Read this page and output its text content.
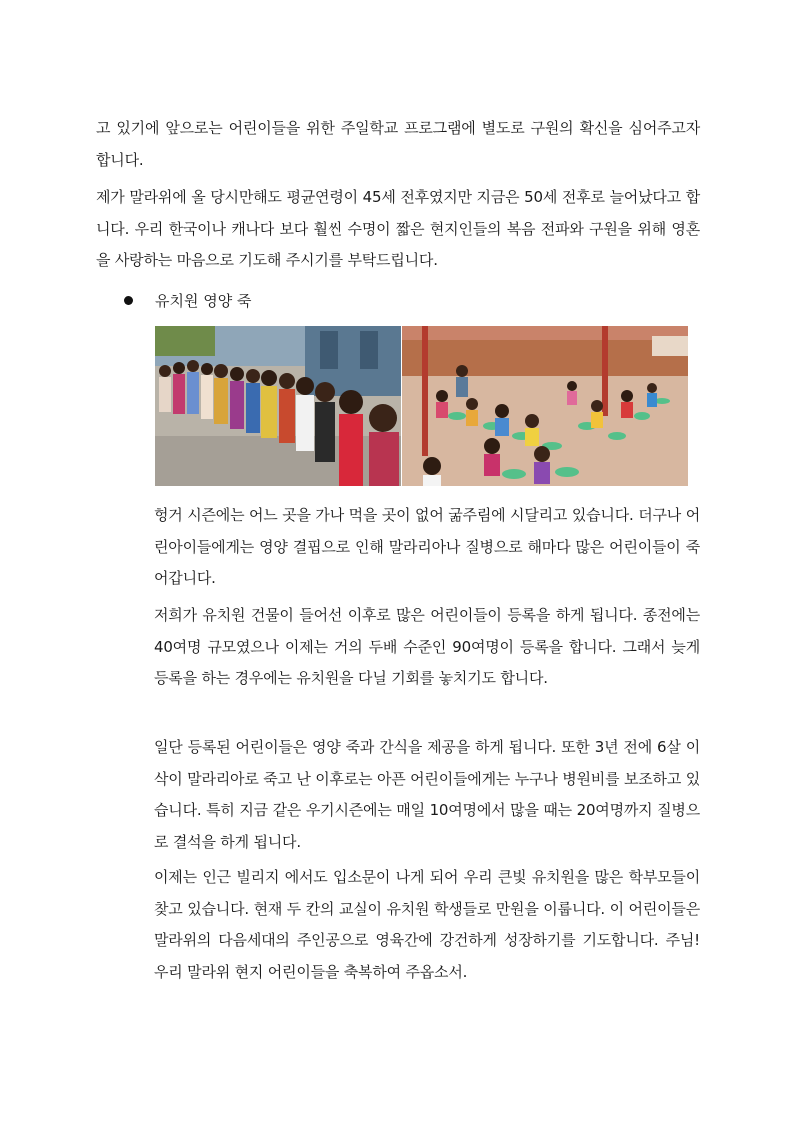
고 있기에 앞으로는 어린이들을 위한 주일학교 프로그램에 별도로 구원의 확신을 심어주고자 합니다.

제가 말라위에 올 당시만해도 평균연령이 45세 전후였지만 지금은 50세 전후로 늘어났다고 합니다. 우리 한국이나 캐나다 보다 훨씬 수명이 짧은 현지인들의 복음 전파와 구원을 위해 영혼을 사랑하는 마음으로 기도해 주시기를 부탁드립니다.

유치원 영양 죽

헝거 시즌에는 어느 곳을 가나 먹을 곳이 없어 굶주림에 시달리고 있습니다. 더구나 어린아이들에게는 영양 결핍으로 인해 말라리아나 질병으로 해마다 많은 어린이들이 죽어갑니다.

저희가 유치원 건물이 들어선 이후로 많은 어린이들이 등록을 하게 됩니다. 종전에는 40여명 규모였으나 이제는 거의 두배 수준인 90여명이 등록을 합니다. 그래서 늦게 등록을 하는 경우에는 유치원을 다닐 기회를 놓치기도 합니다.

일단 등록된 어린이들은 영양 죽과 간식을 제공을 하게 됩니다. 또한 3년 전에 6살 이삭이 말라리아로 죽고 난 이후로는 아픈 어린이들에게는 누구나 병원비를 보조하고 있습니다. 특히 지금 같은 우기시즌에는 매일 10여명에서 많을 때는 20여명까지 질병으로 결석을 하게 됩니다.

이제는 인근 빌리지 에서도 입소문이 나게 되어 우리 큰빛 유치원을 많은 학부모들이 찾고 있습니다. 현재 두 칸의 교실이 유치원 학생들로 만원을 이룹니다. 이 어린이들은 말라위의 다음세대의 주인공으로 영육간에 강건하게 성장하기를 기도합니다. 주님! 우리 말라위 현지 어린이들을 축복하여 주옵소서.
